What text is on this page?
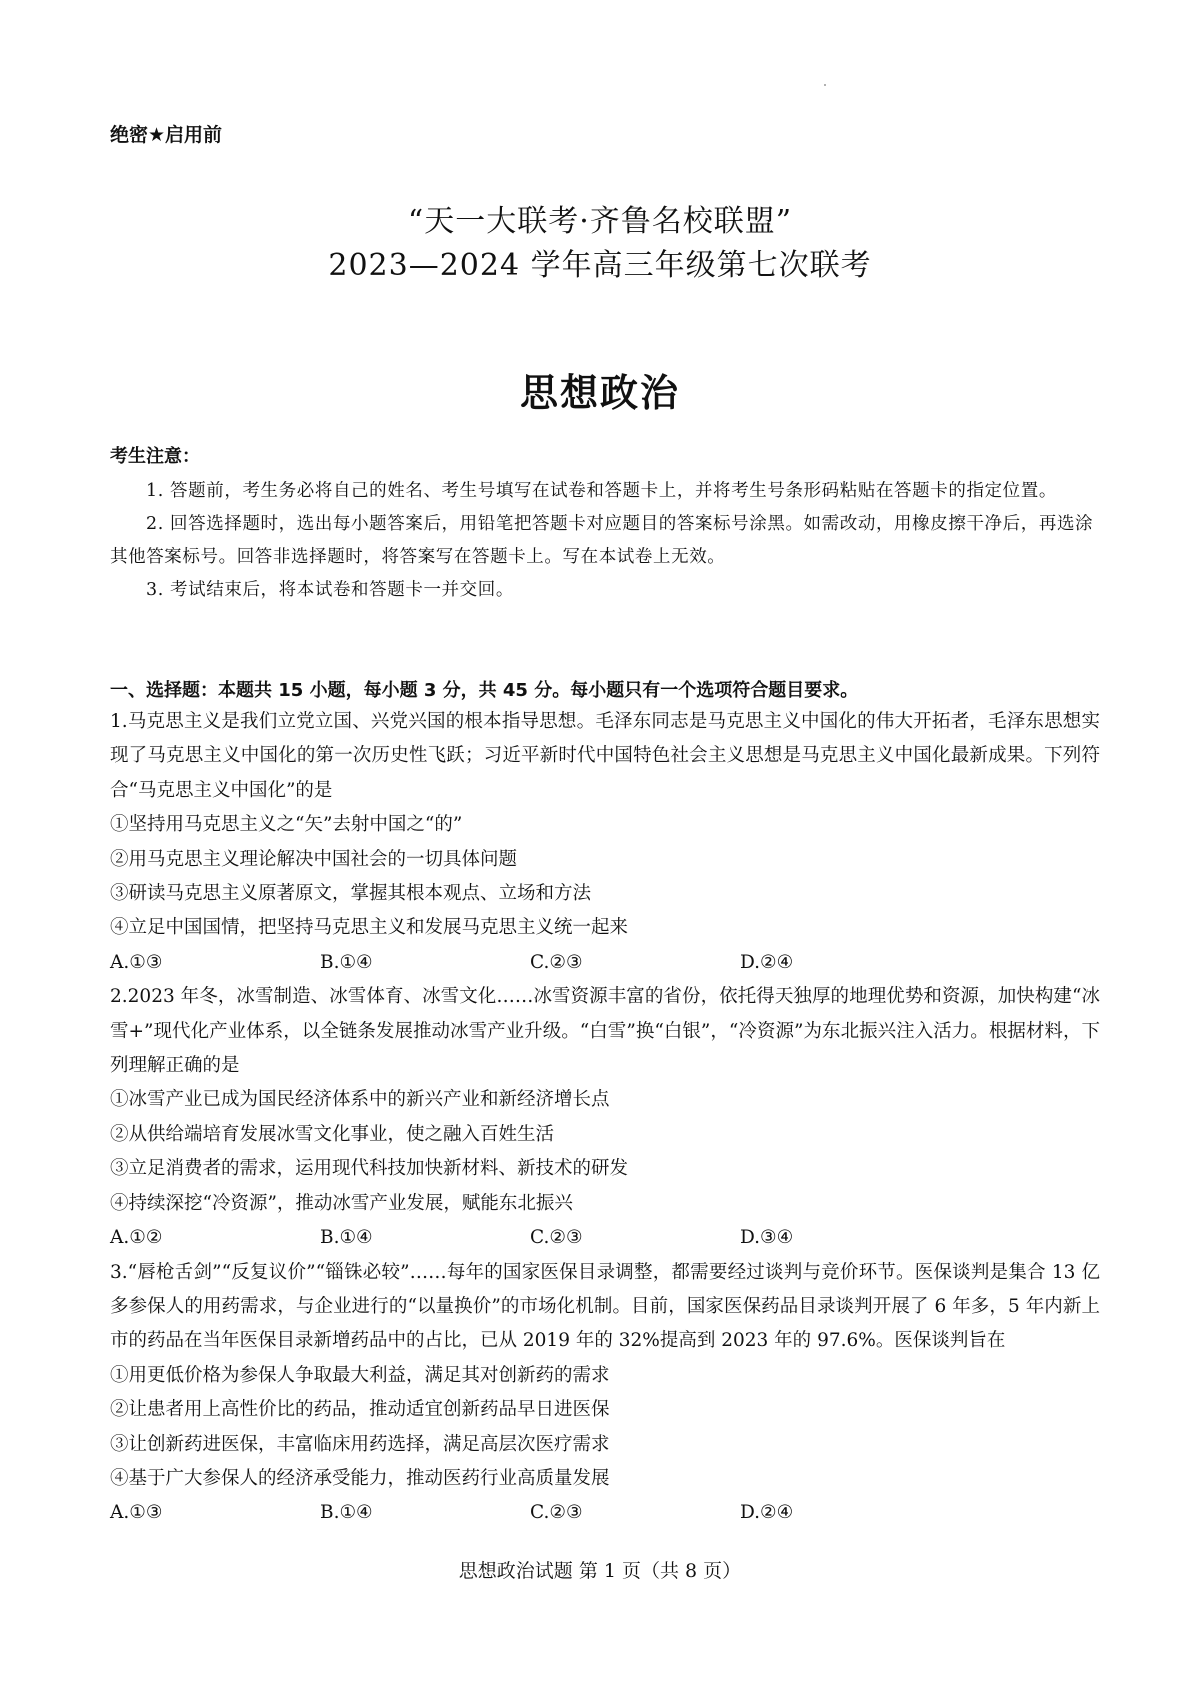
绝密★启用前
“天一大联考·齐鲁名校联盟”
2023—2024 学年高三年级第七次联考
思想政治
考生注意：

1. 答题前，考生务必将自己的姓名、考生号填写在试卷和答题卡上，并将考生号条形码粘贴在答题卡的指定位置。

2. 回答选择题时，选出每小题答案后，用铅笔把答题卡对应题目的答案标号涂黑。如需改动，用橡皮擦干净后，再选涂其他答案标号。回答非选择题时，将答案写在答题卡上。写在本试卷上无效。

3. 考试结束后，将本试卷和答题卡一并交回。

一、选择题：本题共 15 小题，每小题 3 分，共 45 分。每小题只有一个选项符合题目要求。

1.马克思主义是我们立党立国、兴党兴国的根本指导思想。毛泽东同志是马克思主义中国化的伟大开拓者，毛泽东思想实现了马克思主义中国化的第一次历史性飞跃；习近平新时代中国特色社会主义思想是马克思主义中国化最新成果。下列符合“马克思主义中国化”的是

①坚持用马克思主义之“矢”去射中国之“的”

②用马克思主义理论解决中国社会的一切具体问题

③研读马克思主义原著原文，掌握其根本观点、立场和方法

④立足中国国情，把坚持马克思主义和发展马克思主义统一起来

A.①③	B.①④	C.②③	D.②④

2.2023 年冬，冰雪制造、冰雪体育、冰雪文化……冰雪资源丰富的省份，依托得天独厚的地理优势和资源，加快构建“冰雪+”现代化产业体系，以全链条发展推动冰雪产业升级。“白雪”换“白银”，“冷资源”为东北振兴注入活力。根据材料，下列理解正确的是

①冰雪产业已成为国民经济体系中的新兴产业和新经济增长点

②从供给端培育发展冰雪文化事业，使之融入百姓生活

③立足消费者的需求，运用现代科技加快新材料、新技术的研发

④持续深挖“冷资源”，推动冰雪产业发展，赋能东北振兴

A.①②	B.①④	C.②③	D.③④

3.“唇枪舌剑”“反复议价”“锱铢必较”……每年的国家医保目录调整，都需要经过谈判与竞价环节。医保谈判是集合 13 亿多参保人的用药需求，与企业进行的“以量换价”的市场化机制。目前，国家医保药品目录谈判开展了 6 年多，5 年内新上市的药品在当年医保目录新增药品中的占比，已从 2019 年的 32%提高到 2023 年的 97.6%。医保谈判旨在

①用更低价格为参保人争取最大利益，满足其对创新药的需求

②让患者用上高性价比的药品，推动适宜创新药品早日进医保

③让创新药进医保，丰富临床用药选择，满足高层次医疗需求

④基于广大参保人的经济承受能力，推动医药行业高质量发展

A.①③	B.①④	C.②③	D.②④
思想政治试题 第 1 页（共 8 页）
